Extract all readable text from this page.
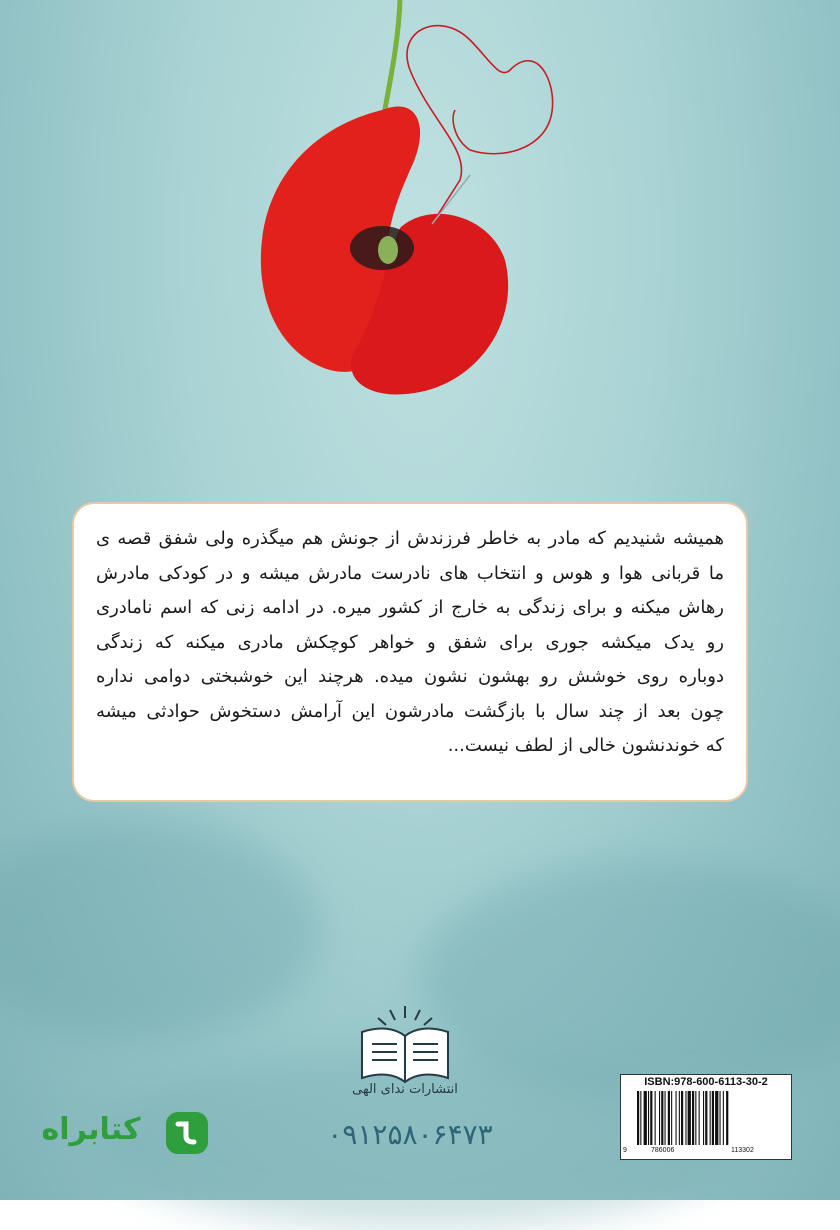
همیشه شنیدیم که مادر به خاطر فرزندش از جونش هم میگذره ولی شفق قصه ی
ما قربانی هوا و هوس و انتخاب های نادرست مادرش میشه و در کودکی مادرش
رهاش میکنه و برای زندگی به خارج از کشور میره. در ادامه زنی که اسم نامادری
رو یدک میکشه جوری برای شفق و خواهر کوچکش مادری میکنه که زندگی
دوباره روی خوشش رو بهشون نشون میده. هرچند این خوشبختی دوامی نداره
چون بعد از چند سال با بازگشت مادرشون این آرامش دستخوش حوادثی میشه
که خوندنشون خالی از لطف نیست...
انتشارات ندای الهی
۰۹۱۲۵۸۰۶۴۷۳
کتابراه
ISBN:978-600-6113-30-2
9	786006	113302
